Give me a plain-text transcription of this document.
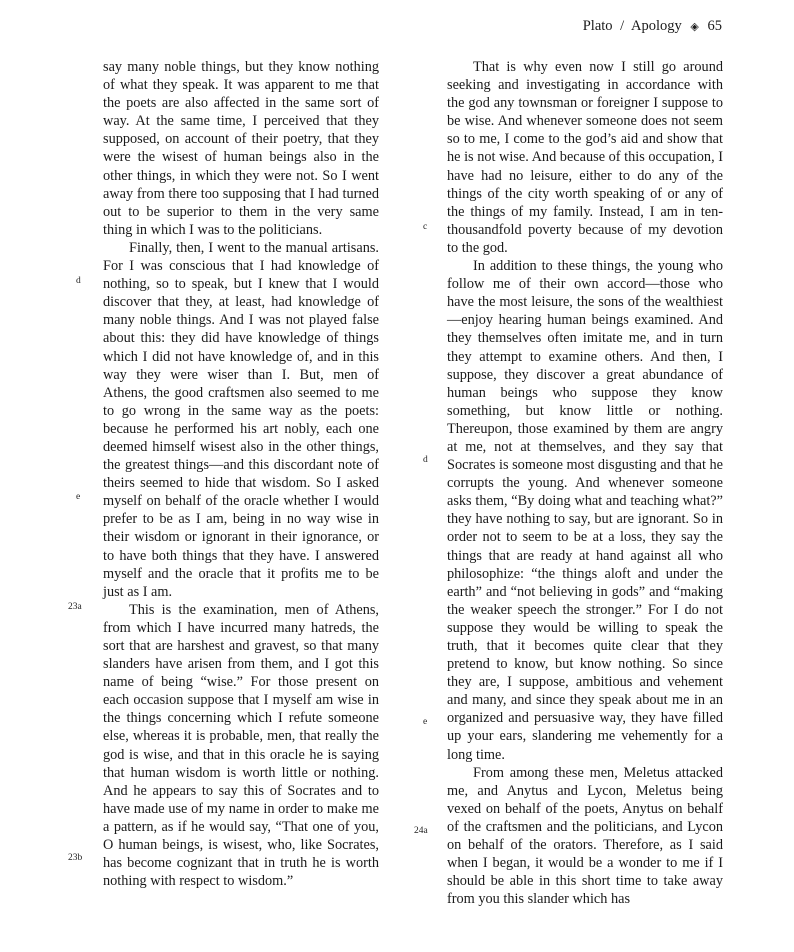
Plato / Apology ◈ 65

say many noble things, but they know nothing of what they speak. It was apparent to me that the poets are also affected in the same sort of way. At the same time, I perceived that they supposed, on account of their poetry, that they were the wisest of human beings also in the other things, in which they were not. So I went away from there too supposing that I had turned out to be superior to them in the very same thing in which I was to the politicians.

Finally, then, I went to the manual artisans. For I was conscious that I had knowledge of nothing, so to speak, but I knew that I would discover that they, at least, had knowledge of many noble things. And I was not played false about this: they did have knowledge of things which I did not have knowledge of, and in this way they were wiser than I. But, men of Athens, the good craftsmen also seemed to me to go wrong in the same way as the poets: because he performed his art nobly, each one deemed himself wisest also in the other things, the greatest things—and this discordant note of theirs seemed to hide that wisdom. So I asked myself on behalf of the oracle whether I would prefer to be as I am, being in no way wise in their wisdom or ignorant in their ignorance, or to have both things that they have. I answered myself and the oracle that it profits me to be just as I am.

This is the examination, men of Athens, from which I have incurred many hatreds, the sort that are harshest and gravest, so that many slanders have arisen from them, and I got this name of being “wise.” For those present on each occasion suppose that I myself am wise in the things concerning which I refute someone else, whereas it is probable, men, that really the god is wise, and that in this oracle he is saying that human wisdom is worth little or nothing. And he appears to say this of Socrates and to have made use of my name in order to make me a pattern, as if he would say, “That one of you, O human beings, is wisest, who, like Socrates, has become cognizant that in truth he is worth nothing with respect to wisdom.”

That is why even now I still go around seeking and investigating in accordance with the god any townsman or foreigner I suppose to be wise. And whenever someone does not seem so to me, I come to the god’s aid and show that he is not wise. And because of this occupation, I have had no leisure, either to do any of the things of the city worth speaking of or any of the things of my family. Instead, I am in ten-thousandfold poverty because of my devotion to the god.

In addition to these things, the young who follow me of their own accord—those who have the most leisure, the sons of the wealthiest—enjoy hearing human beings examined. And they themselves often imitate me, and in turn they attempt to examine others. And then, I suppose, they discover a great abundance of human beings who suppose they know something, but know little or nothing. Thereupon, those examined by them are angry at me, not at themselves, and they say that Socrates is someone most disgusting and that he corrupts the young. And whenever someone asks them, “By doing what and teaching what?” they have nothing to say, but are ignorant. So in order not to seem to be at a loss, they say the things that are ready at hand against all who philosophize: “the things aloft and under the earth” and “not believing in gods” and “making the weaker speech the stronger.” For I do not suppose they would be willing to speak the truth, that it becomes quite clear that they pretend to know, but know nothing. So since they are, I suppose, ambitious and vehement and many, and since they speak about me in an organized and persuasive way, they have filled up your ears, slandering me vehemently for a long time.

From among these men, Meletus attacked me, and Anytus and Lycon, Meletus being vexed on behalf of the poets, Anytus on behalf of the craftsmen and the politicians, and Lycon on behalf of the orators. Therefore, as I said when I began, it would be a wonder to me if I should be able in this short time to take away from you this slander which has

d
e
23a
23b
c
d
e
24a
